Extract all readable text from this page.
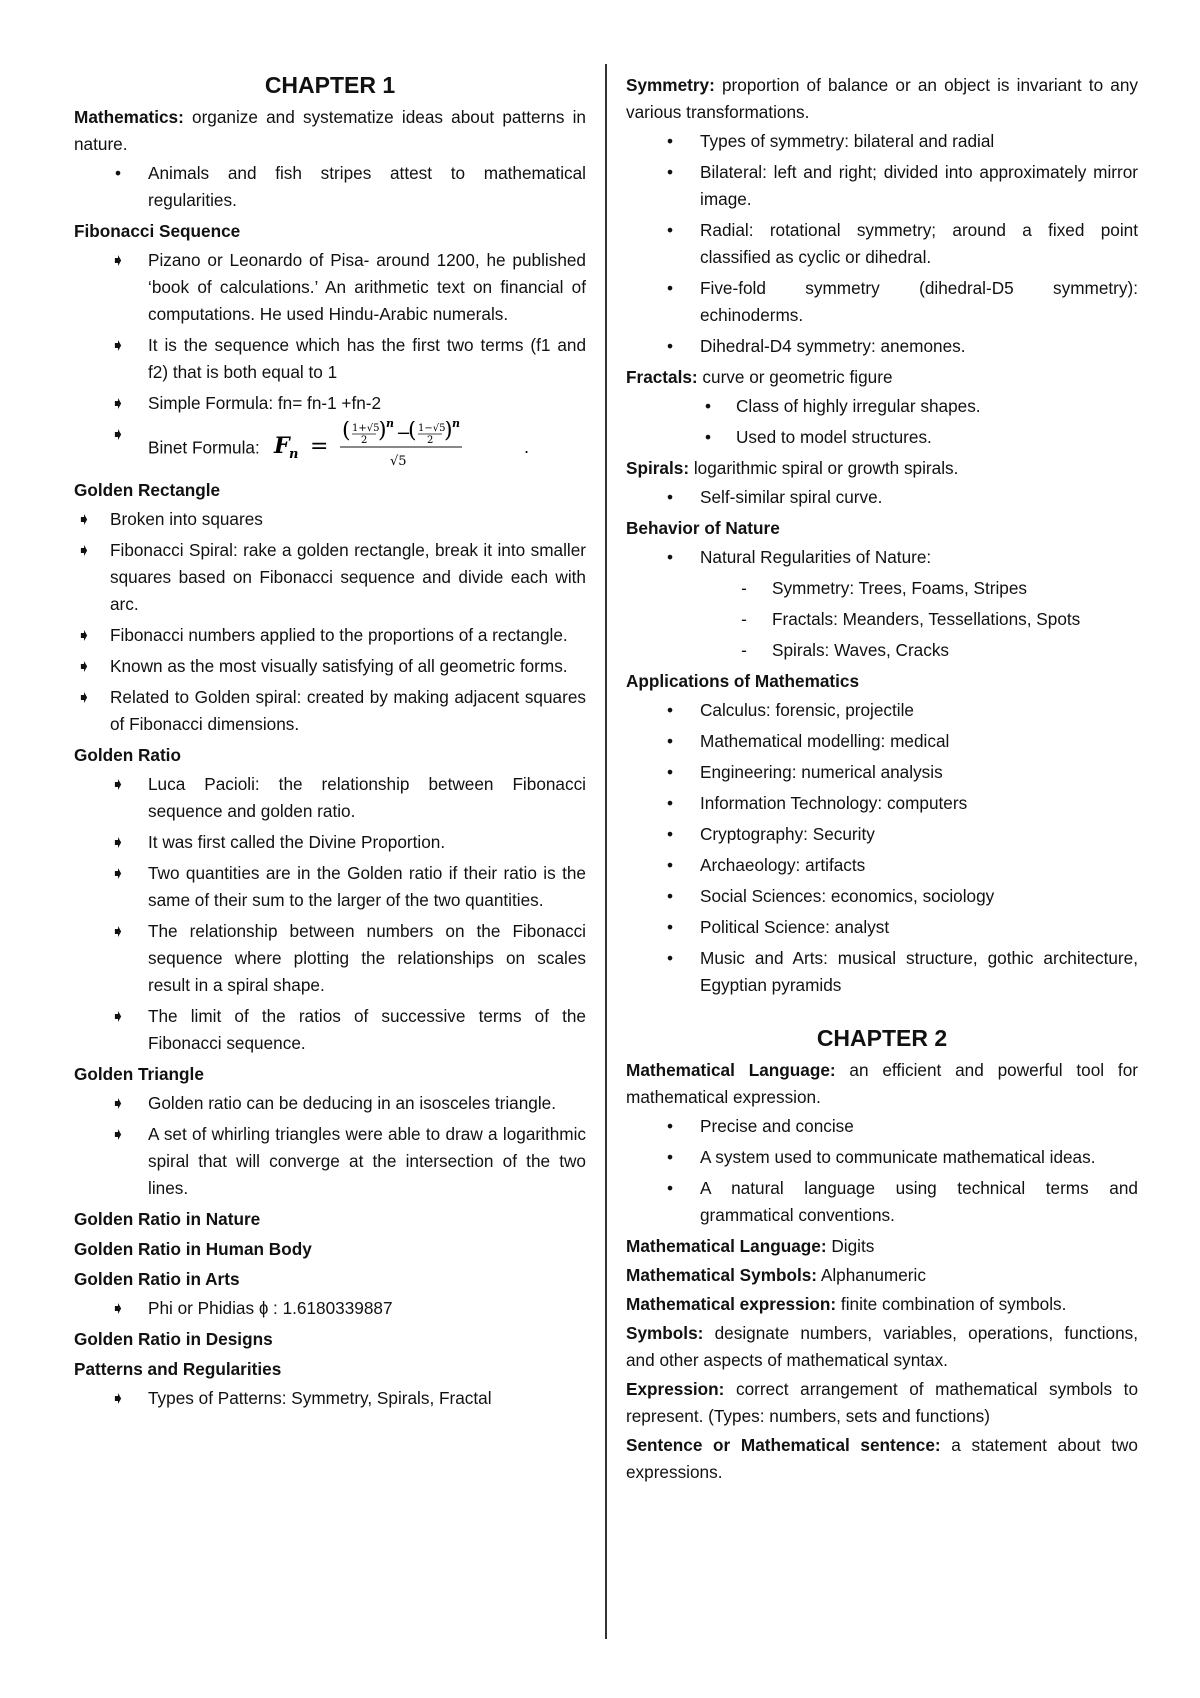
CHAPTER 1

Mathematics: organize and systematize ideas about patterns in nature.

• Animals and fish stripes attest to mathematical regularities.
Fibonacci Sequence
➧ Pizano or Leonardo of Pisa- around 1200, he published ‘book of calculations.’ An arithmetic text on financial of computations. He used Hindu-Arabic numerals.
➧ It is the sequence which has the first two terms (f1 and f2) that is both equal to 1
➧ Simple Formula: fn= fn-1 +fn-2
➧
Binet Formula: F n =
( 1+√5
2 ) n −
( 1−√5
2 ) n
√5
.
Golden Rectangle
➧ Broken into squares
➧ Fibonacci Spiral: rake a golden rectangle, break it into smaller squares based on Fibonacci sequence and divide each with arc.
➧ Fibonacci numbers applied to the proportions of a rectangle.
➧ Known as the most visually satisfying of all geometric forms.
➧ Related to Golden spiral: created by making adjacent squares of Fibonacci dimensions.
Golden Ratio
➧ Luca Pacioli: the relationship between Fibonacci sequence and golden ratio.
➧ It was first called the Divine Proportion.
➧ Two quantities are in the Golden ratio if their ratio is the same of their sum to the larger of the two quantities.
➧ The relationship between numbers on the Fibonacci sequence where plotting the relationships on scales result in a spiral shape.
➧ The limit of the ratios of successive terms of the Fibonacci sequence.
Golden Triangle
➧ Golden ratio can be deducing in an isosceles triangle.
➧ A set of whirling triangles were able to draw a logarithmic spiral that will converge at the intersection of the two lines.
Golden Ratio in Nature
Golden Ratio in Human Body
Golden Ratio in Arts
➧ Phi or Phidias ɸ : 1.6180339887
Golden Ratio in Designs
Patterns and Regularities
➧ Types of Patterns: Symmetry, Spirals, Fractal

Symmetry: proportion of balance or an object is invariant to any various transformations.

• Types of symmetry: bilateral and radial
• Bilateral: left and right; divided into approximately mirror image.
• Radial: rotational symmetry; around a fixed point classified as cyclic or dihedral.
• Five-fold symmetry (dihedral-D5 symmetry): echinoderms.
• Dihedral-D4 symmetry: anemones.

Fractals: curve or geometric figure

• Class of highly irregular shapes.
• Used to model structures.

Spirals: logarithmic spiral or growth spirals.

• Self-similar spiral curve.
Behavior of Nature
• Natural Regularities of Nature:
- Symmetry: Trees, Foams, Stripes
- Fractals: Meanders, Tessellations, Spots
- Spirals: Waves, Cracks
Applications of Mathematics
• Calculus: forensic, projectile
• Mathematical modelling: medical
• Engineering: numerical analysis
• Information Technology: computers
• Cryptography: Security
• Archaeology: artifacts
• Social Sciences: economics, sociology
• Political Science: analyst
• Music and Arts: musical structure, gothic architecture, Egyptian pyramids
CHAPTER 2

Mathematical Language: an efficient and powerful tool for mathematical expression.

• Precise and concise
• A system used to communicate mathematical ideas.
• A natural language using technical terms and grammatical conventions.

Mathematical Language: Digits

Mathematical Symbols: Alphanumeric

Mathematical expression: finite combination of symbols.

Symbols: designate numbers, variables, operations, functions, and other aspects of mathematical syntax.

Expression: correct arrangement of mathematical symbols to represent. (Types: numbers, sets and functions)

Sentence or Mathematical sentence: a statement about two expressions.
